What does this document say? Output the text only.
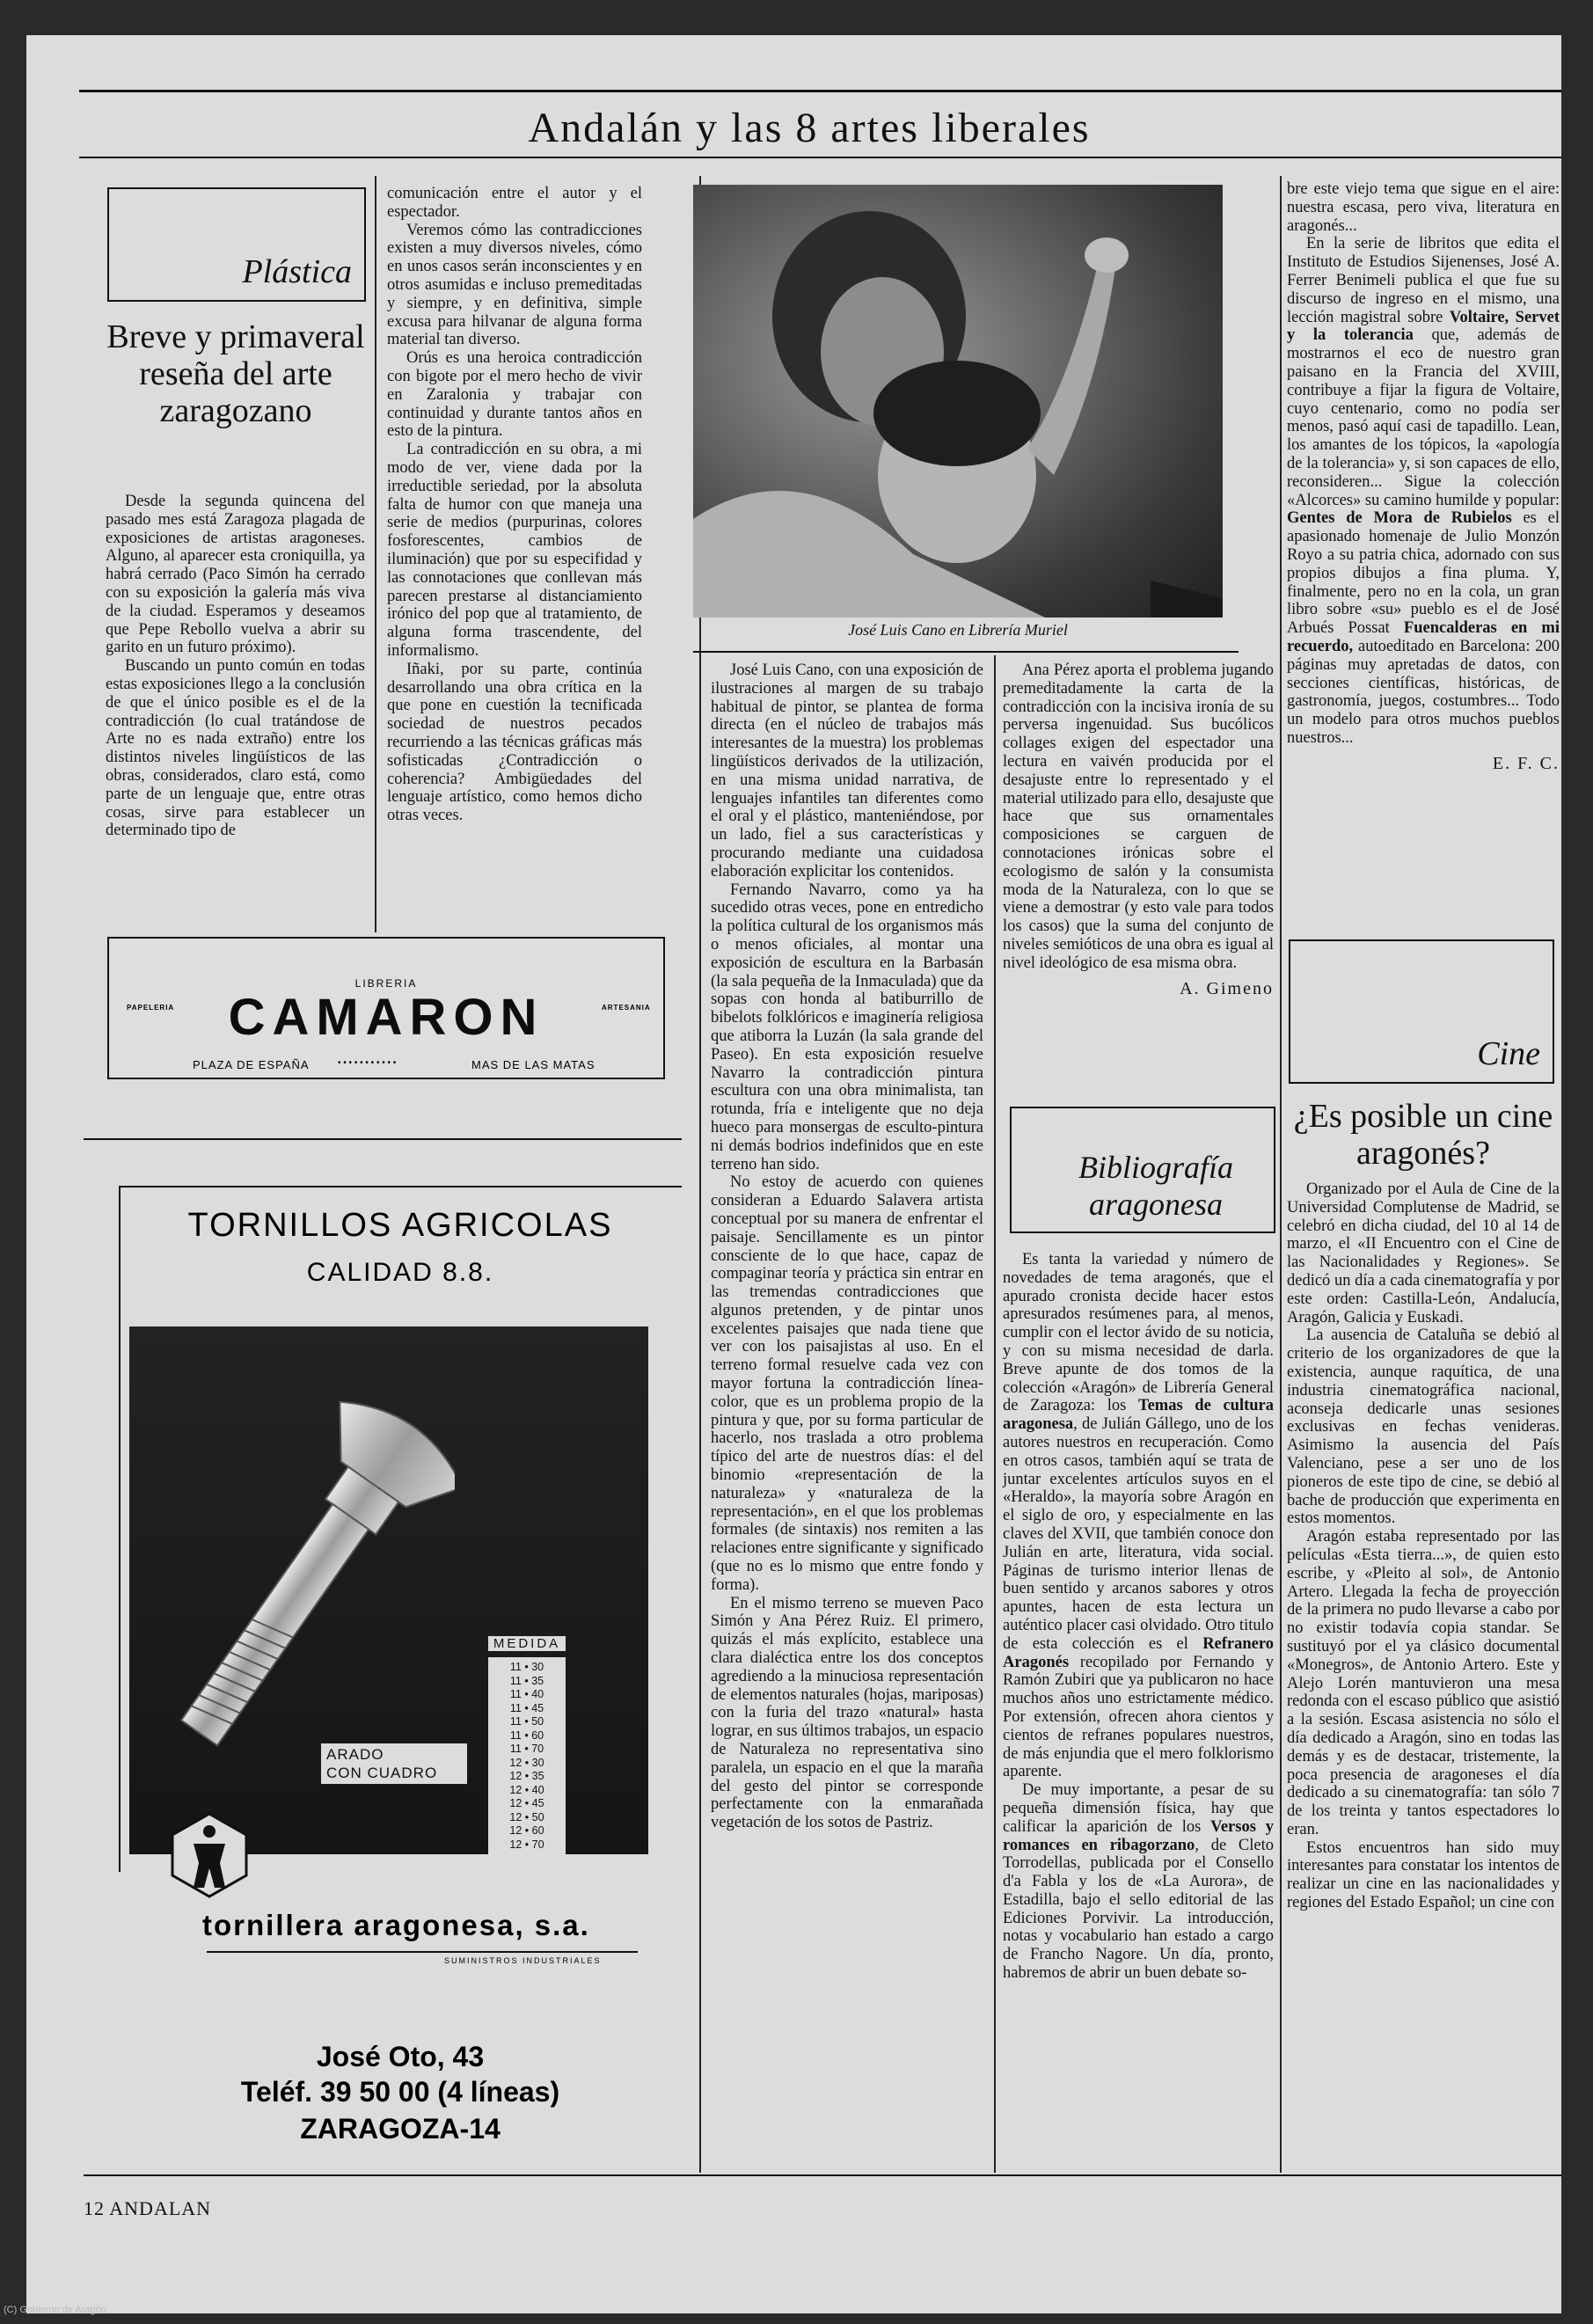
Andalán y las 8 artes liberales
Plástica
Breve y primaveral reseña del arte zaragozano

Desde la segunda quincena del pasado mes está Zaragoza plagada de exposiciones de artistas aragoneses. Alguno, al aparecer esta croniquilla, ya habrá cerrado (Paco Simón ha cerrado con su exposición la galería más viva de la ciudad. Esperamos y deseamos que Pepe Rebollo vuelva a abrir su garito en un futuro próximo).

Buscando un punto común en todas estas exposiciones llego a la conclusión de que el único posible es el de la contradicción (lo cual tratándose de Arte no es nada extraño) entre los distintos niveles lingüísticos de las obras, considerados, claro está, como parte de un lenguaje que, entre otras cosas, sirve para establecer un determinado tipo de

comunicación entre el autor y el espectador.

Veremos cómo las contradicciones existen a muy diversos niveles, cómo en unos casos serán inconscientes y en otros asumidas e incluso premeditadas y siempre, y en definitiva, simple excusa para hilvanar de alguna forma material tan diverso.

Orús es una heroica contradicción con bigote por el mero hecho de vivir en Zaralonia y trabajar con continuidad y durante tantos años en esto de la pintura.

La contradicción en su obra, a mi modo de ver, viene dada por la irreductible seriedad, por la absoluta falta de humor con que maneja una serie de medios (purpurinas, colores fosforescentes, cambios de iluminación) que por su especifidad y las connotaciones que conllevan más parecen prestarse al distanciamiento irónico del pop que al tratamiento, de alguna forma trascendente, del informalismo.

Iñaki, por su parte, continúa desarrollando una obra crítica en la que pone en cuestión la tecnificada sociedad de nuestros pecados recurriendo a las técnicas gráficas más sofisticadas ¿Contradicción o coherencia? Ambigüedades del lenguaje artístico, como hemos dicho otras veces.

LIBRERIA
PAPELERIA	CAMARON	ARTESANIA
PLAZA DE ESPAÑA	• • • • • • • • • • •	MAS DE LAS MATAS
TORNILLOS AGRICOLAS
CALIDAD 8.8.
MEDIDA
11 • 30
11 • 35
11 • 40
11 • 45
11 • 50
11 • 60
11 • 70
12 • 30
12 • 35
12 • 40
12 • 45
12 • 50
12 • 60
12 • 70
ARADO
CON CUADRO
tornillera aragonesa, s.a.
SUMINISTROS INDUSTRIALES
José Oto, 43
Teléf. 39 50 00 (4 líneas)
ZARAGOZA-14
José Luis Cano en Librería Muriel

José Luis Cano, con una exposición de ilustraciones al margen de su trabajo habitual de pintor, se plantea de forma directa (en el núcleo de trabajos más interesantes de la muestra) los problemas lingüísticos derivados de la utilización, en una misma unidad narrativa, de lenguajes infantiles tan diferentes como el oral y el plástico, manteniéndose, por un lado, fiel a sus características y procurando mediante una cuidadosa elaboración explicitar los contenidos.

Fernando Navarro, como ya ha sucedido otras veces, pone en entredicho la política cultural de los organismos más o menos oficiales, al montar una exposición de escultura en la Barbasán (la sala pequeña de la Inmaculada) que da sopas con honda al batiburrillo de bibelots folklóricos e imaginería religiosa que atiborra la Luzán (la sala grande del Paseo). En esta exposición resuelve Navarro la contradicción pintura escultura con una obra minimalista, tan rotunda, fría e inteligente que no deja hueco para monsergas de esculto-pintura ni demás bodrios indefinidos que en este terreno han sido.

No estoy de acuerdo con quienes consideran a Eduardo Salavera artista conceptual por su manera de enfrentar el paisaje. Sencillamente es un pintor consciente de lo que hace, capaz de compaginar teoría y práctica sin entrar en las tremendas contradicciones que algunos pretenden, y de pintar unos excelentes paisajes que nada tiene que ver con los paisajistas al uso. En el terreno formal resuelve cada vez con mayor fortuna la contradicción línea-color, que es un problema propio de la pintura y que, por su forma particular de hacerlo, nos traslada a otro problema típico del arte de nuestros días: el del binomio «representación de la naturaleza» y «naturaleza de la representación», en el que los problemas formales (de sintaxis) nos remiten a las relaciones entre significante y significado (que no es lo mismo que entre fondo y forma).

En el mismo terreno se mueven Paco Simón y Ana Pérez Ruiz. El primero, quizás el más explícito, establece una clara dialéctica entre los dos conceptos agrediendo a la minuciosa representación de elementos naturales (hojas, mariposas) con la furia del trazo «natural» hasta lograr, en sus últimos trabajos, un espacio de Naturaleza no representativa sino paralela, un espacio en el que la maraña del gesto del pintor se corresponde perfectamente con la enmarañada vegetación de los sotos de Pastriz.

Ana Pérez aporta el problema jugando premeditadamente la carta de la contradicción con la incisiva ironía de su perversa ingenuidad. Sus bucólicos collages exigen del espectador una lectura en vaivén producida por el desajuste entre lo representado y el material utilizado para ello, desajuste que hace que sus ornamentales composiciones se carguen de connotaciones irónicas sobre el ecologismo de salón y la consumista moda de la Naturaleza, con lo que se viene a demostrar (y esto vale para todos los casos) que la suma del conjunto de niveles semióticos de una obra es igual al nivel ideológico de esa misma obra.

A. Gimeno
Bibliografía aragonesa

Es tanta la variedad y número de novedades de tema aragonés, que el apurado cronista decide hacer estos apresurados resúmenes para, al menos, cumplir con el lector ávido de su noticia, y con su misma necesidad de darla. Breve apunte de dos tomos de la colección «Aragón» de Librería General de Zaragoza: los Temas de cultura aragonesa, de Julián Gállego, uno de los autores nuestros en recuperación. Como en otros casos, también aquí se trata de juntar excelentes artículos suyos en el «Heraldo», la mayoría sobre Aragón en el siglo de oro, y especialmente en las claves del XVII, que también conoce don Julián en arte, literatura, vida social. Páginas de turismo interior llenas de buen sentido y arcanos sabores y otros apuntes, hacen de esta lectura un auténtico placer casi olvidado. Otro titulo de esta colección es el Refranero Aragonés recopilado por Fernando y Ramón Zubiri que ya publicaron no hace muchos años uno estrictamente médico. Por extensión, ofrecen ahora cientos y cientos de refranes populares nuestros, de más enjundia que el mero folklorismo aparente.

De muy importante, a pesar de su pequeña dimensión física, hay que calificar la aparición de los Versos y romances en ribagorzano, de Cleto Torrodellas, publicada por el Consello d'a Fabla y los de «La Aurora», de Estadilla, bajo el sello editorial de las Ediciones Porvivir. La introducción, notas y vocabulario han estado a cargo de Francho Nagore. Un día, pronto, habremos de abrir un buen debate so-

bre este viejo tema que sigue en el aire: nuestra escasa, pero viva, literatura en aragonés...

En la serie de libritos que edita el Instituto de Estudios Sijenenses, José A. Ferrer Benimeli publica el que fue su discurso de ingreso en el mismo, una lección magistral sobre Voltaire, Servet y la tolerancia que, además de mostrarnos el eco de nuestro gran paisano en la Francia del XVIII, contribuye a fijar la figura de Voltaire, cuyo centenario, como no podía ser menos, pasó aquí casi de tapadillo. Lean, los amantes de los tópicos, la «apología de la tolerancia» y, si son capaces de ello, reconsideren... Sigue la colección «Alcorces» su camino humilde y popular: Gentes de Mora de Rubielos es el apasionado homenaje de Julio Monzón Royo a su patria chica, adornado con sus propios dibujos a fina pluma. Y, finalmente, pero no en la cola, un gran libro sobre «su» pueblo es el de José Arbués Possat Fuencalderas en mi recuerdo, autoeditado en Barcelona: 200 páginas muy apretadas de datos, con secciones científicas, históricas, de gastronomía, juegos, costumbres... Todo un modelo para otros muchos pueblos nuestros...

E. F. C.
Cine
¿Es posible un cine aragonés?

Organizado por el Aula de Cine de la Universidad Complutense de Madrid, se celebró en dicha ciudad, del 10 al 14 de marzo, el «II Encuentro con el Cine de las Nacionalidades y Regiones». Se dedicó un día a cada cinematografía y por este orden: Castilla-León, Andalucía, Aragón, Galicia y Euskadi.

La ausencia de Cataluña se debió al criterio de los organizadores de que la existencia, aunque raquítica, de una industria cinematográfica nacional, aconseja dedicarle unas sesiones exclusivas en fechas venideras. Asimismo la ausencia del País Valenciano, pese a ser uno de los pioneros de este tipo de cine, se debió al bache de producción que experimenta en estos momentos.

Aragón estaba representado por las películas «Esta tierra...», de quien esto escribe, y «Pleito al sol», de Antonio Artero. Llegada la fecha de proyección de la primera no pudo llevarse a cabo por no existir todavía copia standar. Se sustituyó por el ya clásico documental «Monegros», de Antonio Artero. Este y Alejo Lorén mantuvieron una mesa redonda con el escaso público que asistió a la sesión. Escasa asistencia no sólo el día dedicado a Aragón, sino en todas las demás y es de destacar, tristemente, la poca presencia de aragoneses el día dedicado a su cinematografía: tan sólo 7 de los treinta y tantos espectadores lo eran.

Estos encuentros han sido muy interesantes para constatar los intentos de realizar un cine en las nacionalidades y regiones del Estado Español; un cine con

12 ANDALAN
(C) Gobierno de Aragón
